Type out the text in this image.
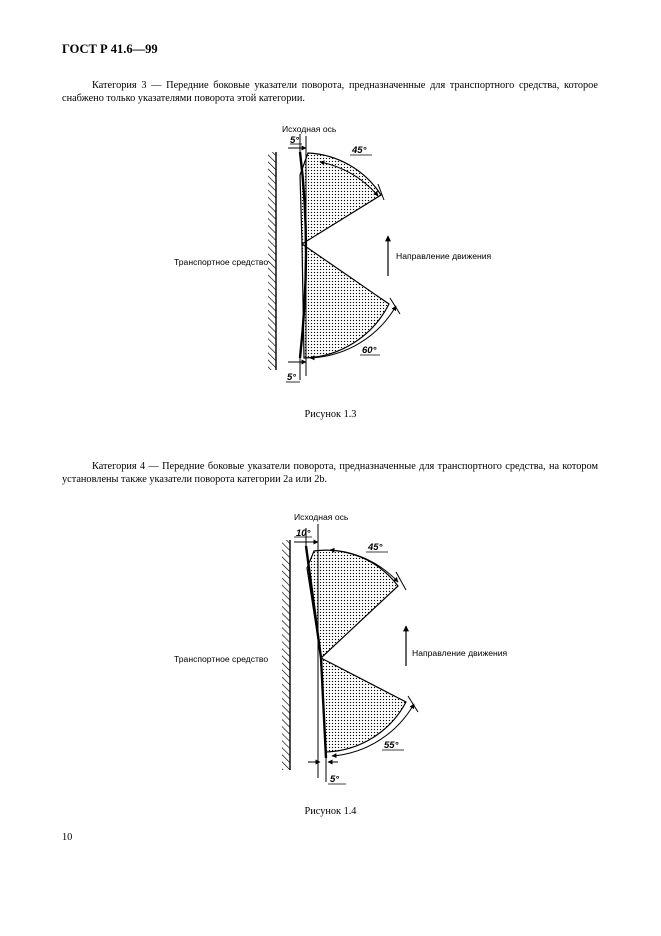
ГОСТ Р 41.6—99

Категория 3 — Передние боковые указатели поворота, предназначенные для транспортного средства, которое снабжено только указателями поворота этой категории.

5°
45°
60°
5°
Исходная ось
Транспортное средство
Направление движения

Рисунок 1.3

Категория 4 — Передние боковые указатели поворота, предназначенные для транспортного средства, на котором установлены также указатели поворота категории 2а или 2b.

10°
45°
55°
5°
Исходная ось
Транспортное средство
Направление движения

Рисунок 1.4

10
